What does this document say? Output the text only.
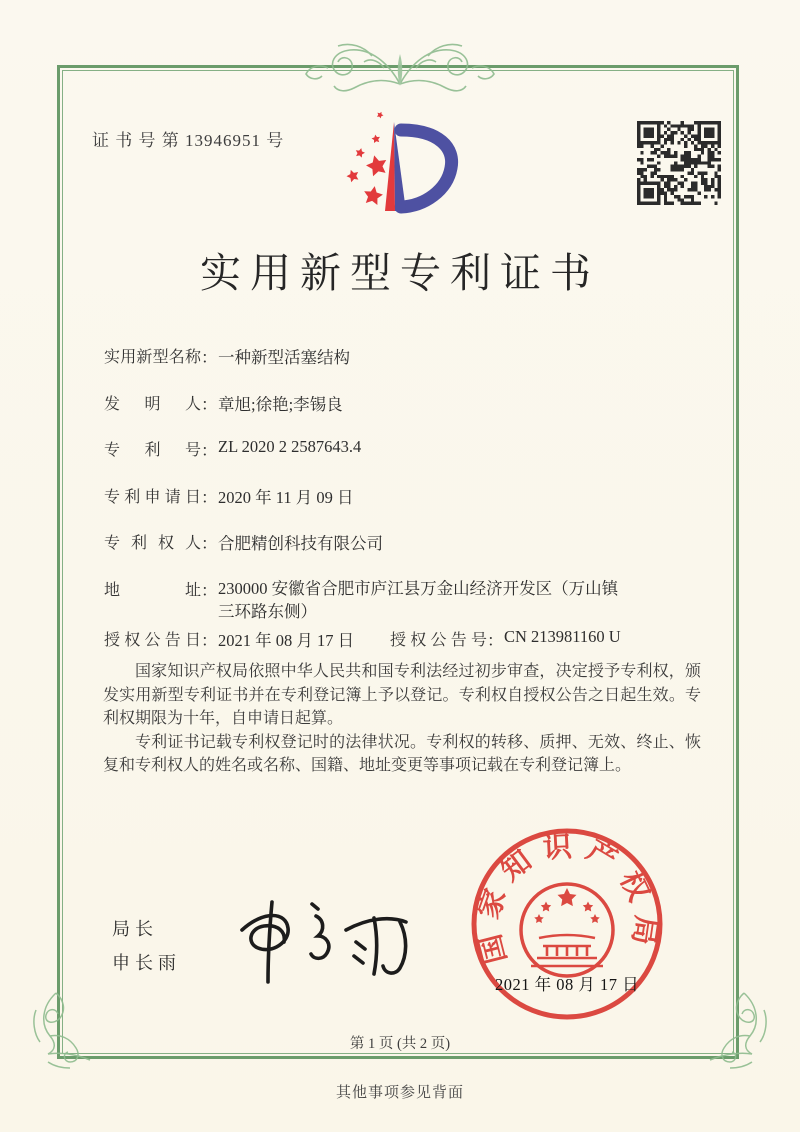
证 书 号 第 13946951 号
实用新型专利证书
实用新型名称：一种新型活塞结构
发明人：章旭;徐艳;李锡良
专利号：ZL 2020 2 2587643.4
专利申请日：2020 年 11 月 09 日
专利权人：合肥精创科技有限公司
地址： 230000 安徽省合肥市庐江县万金山经济开发区（万山镇
三环路东侧）
授权公告日：2021 年 08 月 17 日 授权公告号：CN 213981160 U

国家知识产权局依照中华人民共和国专利法经过初步审查，决定授予专利权，颁发实用新型专利证书并在专利登记簿上予以登记。专利权自授权公告之日起生效。专利权期限为十年，自申请日起算。

专利证书记载专利权登记时的法律状况。专利权的转移、质押、无效、终止、恢复和专利权人的姓名或名称、国籍、地址变更等事项记载在专利登记簿上。

局长
申长雨	国家知识产权局
2021 年 08 月 17 日
第 1 页 (共 2 页)
其他事项参见背面
